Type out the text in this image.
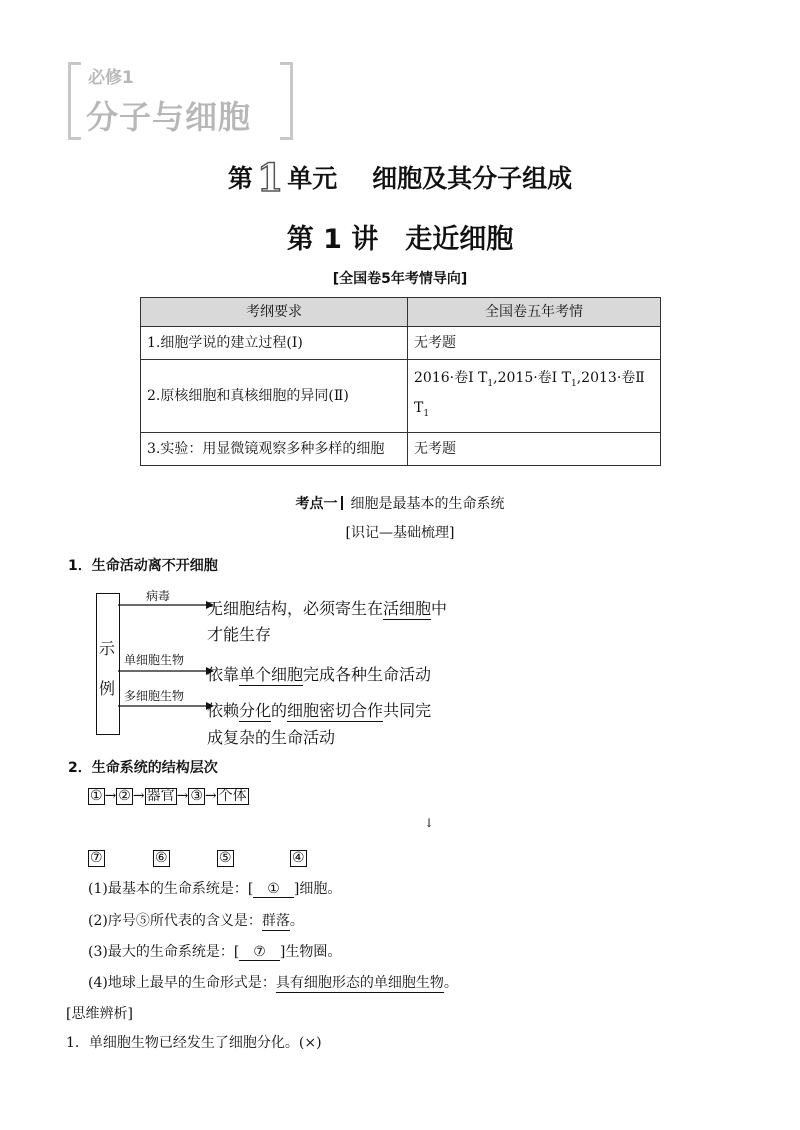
必修1
分子与细胞
第 1 单元 细胞及其分子组成
第 1 讲　走近细胞
[全国卷5年考情导向]
考纲要求	全国卷五年考情
1.细胞学说的建立过程(Ⅰ)	无考题
2.原核细胞和真核细胞的异同(Ⅱ)	2016·卷Ⅰ $T_1,2015\cdot$卷Ⅰ $T_1,2013\cdot$卷Ⅱ $T_1$
3.实验：用显微镜观察多种多样的细胞	无考题
考点一 细胞是最基本的生命系统
[识记—基础梳理]
1．生命活动离不开细胞
示
例
病毒
无细胞结构，必须寄生在活细胞中
才能生存
单细胞生物
依靠单个细胞完成各种生命活动
多细胞生物
依赖分化的细胞密切合作共同完
成复杂的生命活动
2．生命系统的结构层次
① → ② → 器官 → ③ → 个体
↓
⑦	⑥	⑤	④
(1)最基本的生命系统是：[ ① ]细胞。
(2)序号⑤所代表的含义是：群落。
(3)最大的生命系统是：[ ⑦ ]生物圈。
(4)地球上最早的生命形式是：具有细胞形态的单细胞生物。
[思维辨析]
1．单细胞生物已经发生了细胞分化。(×)
